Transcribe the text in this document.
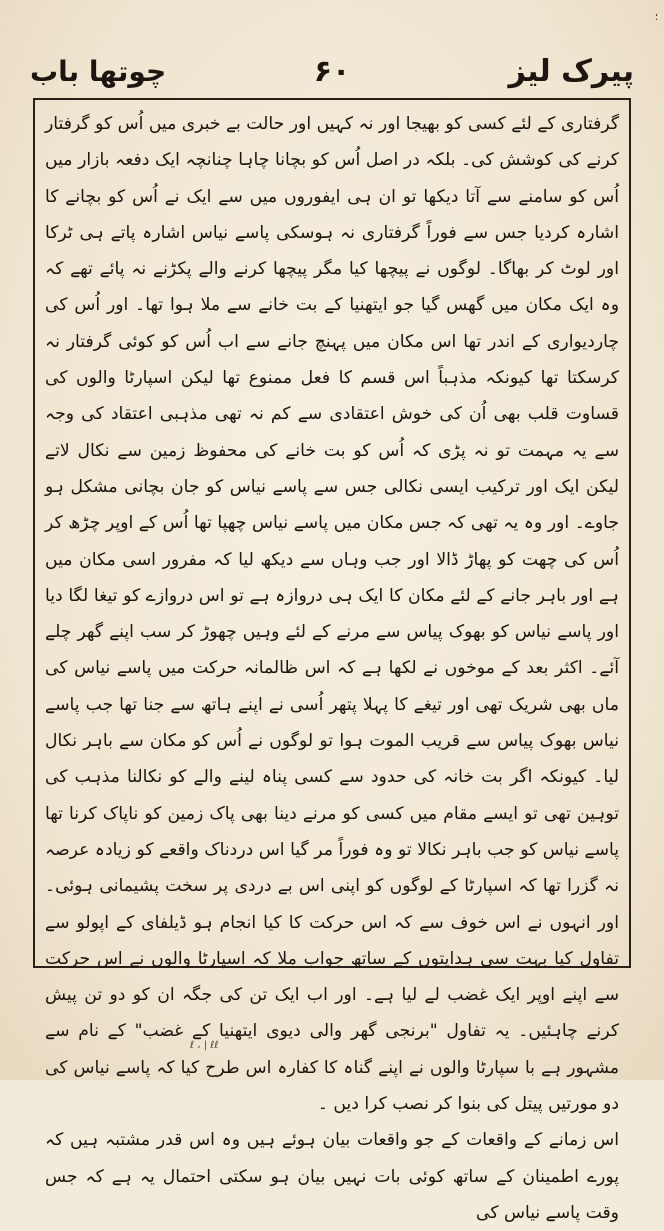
؛
پیرک لیز
۶۰
چوتھا باب

گرفتاری کے لئے کسی کو بھیجا اور نہ کہیں اور حالت بے خبری میں اُس کو گرفتار کرنے کی کوشش کی۔ بلکہ در اصل اُس کو بچانا چاہا چنانچہ ایک دفعہ بازار میں اُس کو سامنے سے آتا دیکھا تو ان ہی ایفوروں میں سے ایک نے اُس کو بچانے کا اشارہ کردیا جس سے فوراً گرفتاری نہ ہوسکی پاسے نیاس اشارہ پاتے ہی ٹرکا اور لوٹ کر بھاگا۔ لوگوں نے پیچھا کیا مگر پیچھا کرنے والے پکڑنے نہ پائے تھے کہ وہ ایک مکان میں گھس گیا جو ایتھنیا کے بت خانے سے ملا ہوا تھا۔ اور اُس کی چاردیواری کے اندر تھا اس مکان میں پہنچ جانے سے اب اُس کو کوئی گرفتار نہ کرسکتا تھا کیونکہ مذہباً اس قسم کا فعل ممنوع تھا لیکن اسپارٹا والوں کی قساوت قلب بھی اُن کی خوش اعتقادی سے کم نہ تھی مذہبی اعتقاد کی وجہ سے یہ مہمت تو نہ پڑی کہ اُس کو بت خانے کی محفوظ زمین سے نکال لاتے لیکن ایک اور ترکیب ایسی نکالی جس سے پاسے نیاس کو جان بچانی مشکل ہو جاوے۔ اور وہ یہ تھی کہ جس مکان میں پاسے نیاس چھپا تھا اُس کے اوپر چڑھ کر اُس کی چھت کو پھاڑ ڈالا اور جب وہاں سے دیکھ لیا کہ مفرور اسی مکان میں ہے اور باہر جانے کے لئے مکان کا ایک ہی دروازہ ہے تو اس دروازے کو تیغا لگا دیا اور پاسے نیاس کو بھوک پیاس سے مرنے کے لئے وہیں چھوڑ کر سب اپنے گھر چلے آئے۔ اکثر بعد کے موخوں نے لکھا ہے کہ اس ظالمانہ حرکت میں پاسے نیاس کی ماں بھی شریک تھی اور تیغے کا پہلا پتھر اُسی نے اپنے ہاتھ سے جنا تھا جب پاسے نیاس بھوک پیاس سے قریب الموت ہوا تو لوگوں نے اُس کو مکان سے باہر نکال لیا۔ کیونکہ اگر بت خانہ کی حدود سے کسی پناہ لینے والے کو نکالنا مذہب کی توہین تھی تو ایسے مقام میں کسی کو مرنے دینا بھی پاک زمین کو ناپاک کرنا تھا پاسے نیاس کو جب باہر نکالا تو وہ فوراً مر گیا اس دردناک واقعے کو زیادہ عرصہ نہ گزرا تھا کہ اسپارٹا کے لوگوں کو اپنی اس بے دردی پر سخت پشیمانی ہوئی۔ اور انہوں نے اس خوف سے کہ اس حرکت کا کیا انجام ہو ڈیلفای کے اپولو سے تفاول کیا بہت سی ہدایتوں کے ساتھ جواب ملا کہ اسپارٹا والوں نے اس حرکت سے اپنے اوپر ایک غضب لے لیا ہے۔ اور اب ایک تن کی جگہ ان کو دو تن پیش کرنے چاہئیں۔ یہ تفاول "برنجی گھر والی دیوی ایتھنیا کے غضب" کے نام سے مشہور ہے با سپارٹا والوں نے اپنے گناہ کا کفارہ اس طرح کیا کہ پاسے نیاس کی دو مورتیں پیتل کی بنوا کر نصب کرا دیں ۔

اس زمانے کے واقعات کے جو واقعات بیان ہوئے ہیں وہ اس قدر مشتبہ ہیں کہ پورے اطمینان کے ساتھ کوئی بات نہیں بیان ہو سکتی احتمال یہ ہے کہ جس وقت پاسے نیاس کی

ℓ ، | ℓℓ
